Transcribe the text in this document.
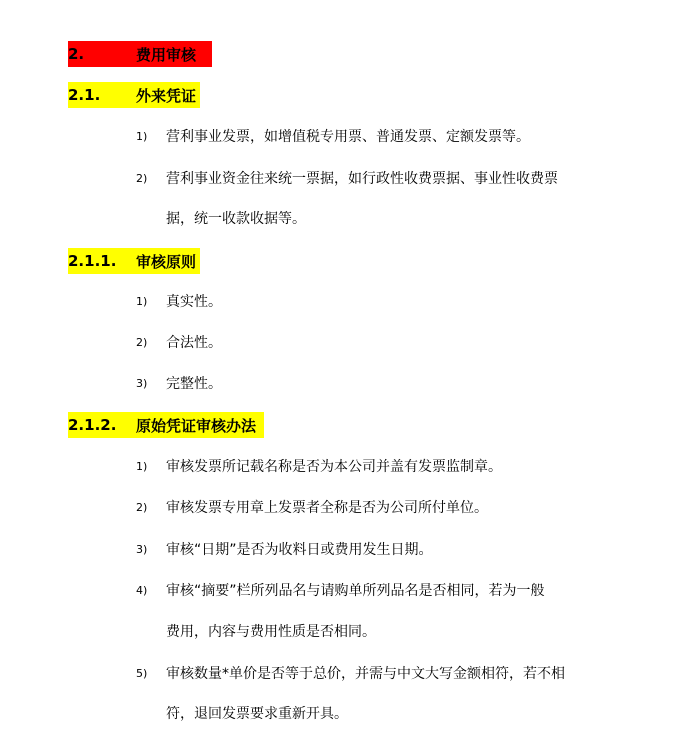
2.	费用审核
2.1. 外来凭证
1) 营利事业发票，如增值税专用票、普通发票、定额发票等。
2) 营利事业资金往来统一票据，如行政性收费票据、事业性收费票
据，统一收款收据等。
2.1.1. 审核原则
1) 真实性。
2) 合法性。
3) 完整性。
2.1.2. 原始凭证审核办法
1) 审核发票所记载名称是否为本公司并盖有发票监制章。
2) 审核发票专用章上发票者全称是否为公司所付单位。
3) 审核“日期”是否为收料日或费用发生日期。
4) 审核“摘要”栏所列品名与请购单所列品名是否相同，若为一般
费用，内容与费用性质是否相同。
5) 审核数量*单价是否等于总价，并需与中文大写金额相符，若不相
符，退回发票要求重新开具。
